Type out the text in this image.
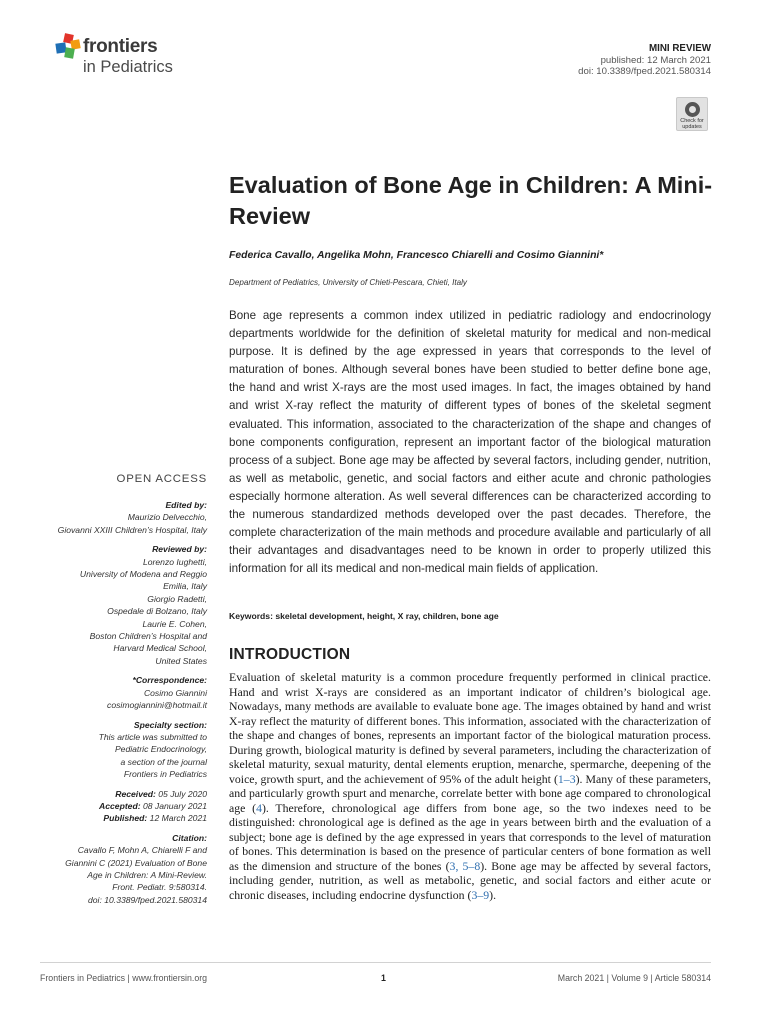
frontiers
in Pediatrics
MINI REVIEW
published: 12 March 2021
doi: 10.3389/fped.2021.580314
Check for updates
Evaluation of Bone Age in Children: A Mini-Review
Federica Cavallo, Angelika Mohn, Francesco Chiarelli and Cosimo Giannini*
Department of Pediatrics, University of Chieti-Pescara, Chieti, Italy

Bone age represents a common index utilized in pediatric radiology and endocrinology departments worldwide for the definition of skeletal maturity for medical and non-medical purpose. It is defined by the age expressed in years that corresponds to the level of maturation of bones. Although several bones have been studied to better define bone age, the hand and wrist X-rays are the most used images. In fact, the images obtained by hand and wrist X-ray reflect the maturity of different types of bones of the skeletal segment evaluated. This information, associated to the characterization of the shape and changes of bone components configuration, represent an important factor of the biological maturation process of a subject. Bone age may be affected by several factors, including gender, nutrition, as well as metabolic, genetic, and social factors and either acute and chronic pathologies especially hormone alteration. As well several differences can be characterized according to the numerous standardized methods developed over the past decades. Therefore, the complete characterization of the main methods and procedure available and particularly of all their advantages and disadvantages need to be known in order to properly utilized this information for all its medical and non-medical main fields of application.

Keywords: skeletal development, height, X ray, children, bone age
INTRODUCTION

Evaluation of skeletal maturity is a common procedure frequently performed in clinical practice. Hand and wrist X-rays are considered as an important indicator of children’s biological age. Nowadays, many methods are available to evaluate bone age. The images obtained by hand and wrist X-ray reflect the maturity of different bones. This information, associated with the characterization of the shape and changes of bones, represents an important factor of the biological maturation process. During growth, biological maturity is defined by several parameters, including the characterization of skeletal maturity, sexual maturity, dental elements eruption, menarche, spermarche, deepening of the voice, growth spurt, and the achievement of 95% of the adult height (1–3). Many of these parameters, and particularly growth spurt and menarche, correlate better with bone age compared to chronological age (4). Therefore, chronological age differs from bone age, so the two indexes need to be distinguished: chronological age is defined as the age in years between birth and the evaluation of a subject; bone age is defined by the age expressed in years that corresponds to the level of maturation of bones. This determination is based on the presence of particular centers of bone formation as well as the dimension and structure of the bones (3, 5–8). Bone age may be affected by several factors, including gender, nutrition, as well as metabolic, genetic, and social factors and either acute or chronic diseases, including endocrine dysfunction (3–9).

OPEN ACCESS
Edited by:
Maurizio Delvecchio,
Giovanni XXIII Children’s Hospital, Italy
Reviewed by:
Lorenzo Iughetti,
University of Modena and Reggio
Emilia, Italy
Giorgio Radetti,
Ospedale di Bolzano, Italy
Laurie E. Cohen,
Boston Children’s Hospital and
Harvard Medical School,
United States
*Correspondence:
Cosimo Giannini
cosimogiannini@hotmail.it
Specialty section:
This article was submitted to
Pediatric Endocrinology,
a section of the journal
Frontiers in Pediatrics
Received: 05 July 2020
Accepted: 08 January 2021
Published: 12 March 2021
Citation:
Cavallo F, Mohn A, Chiarelli F and
Giannini C (2021) Evaluation of Bone
Age in Children: A Mini-Review.
Front. Pediatr. 9:580314.
doi: 10.3389/fped.2021.580314
Frontiers in Pediatrics | www.frontiersin.org	1	March 2021 | Volume 9 | Article 580314
